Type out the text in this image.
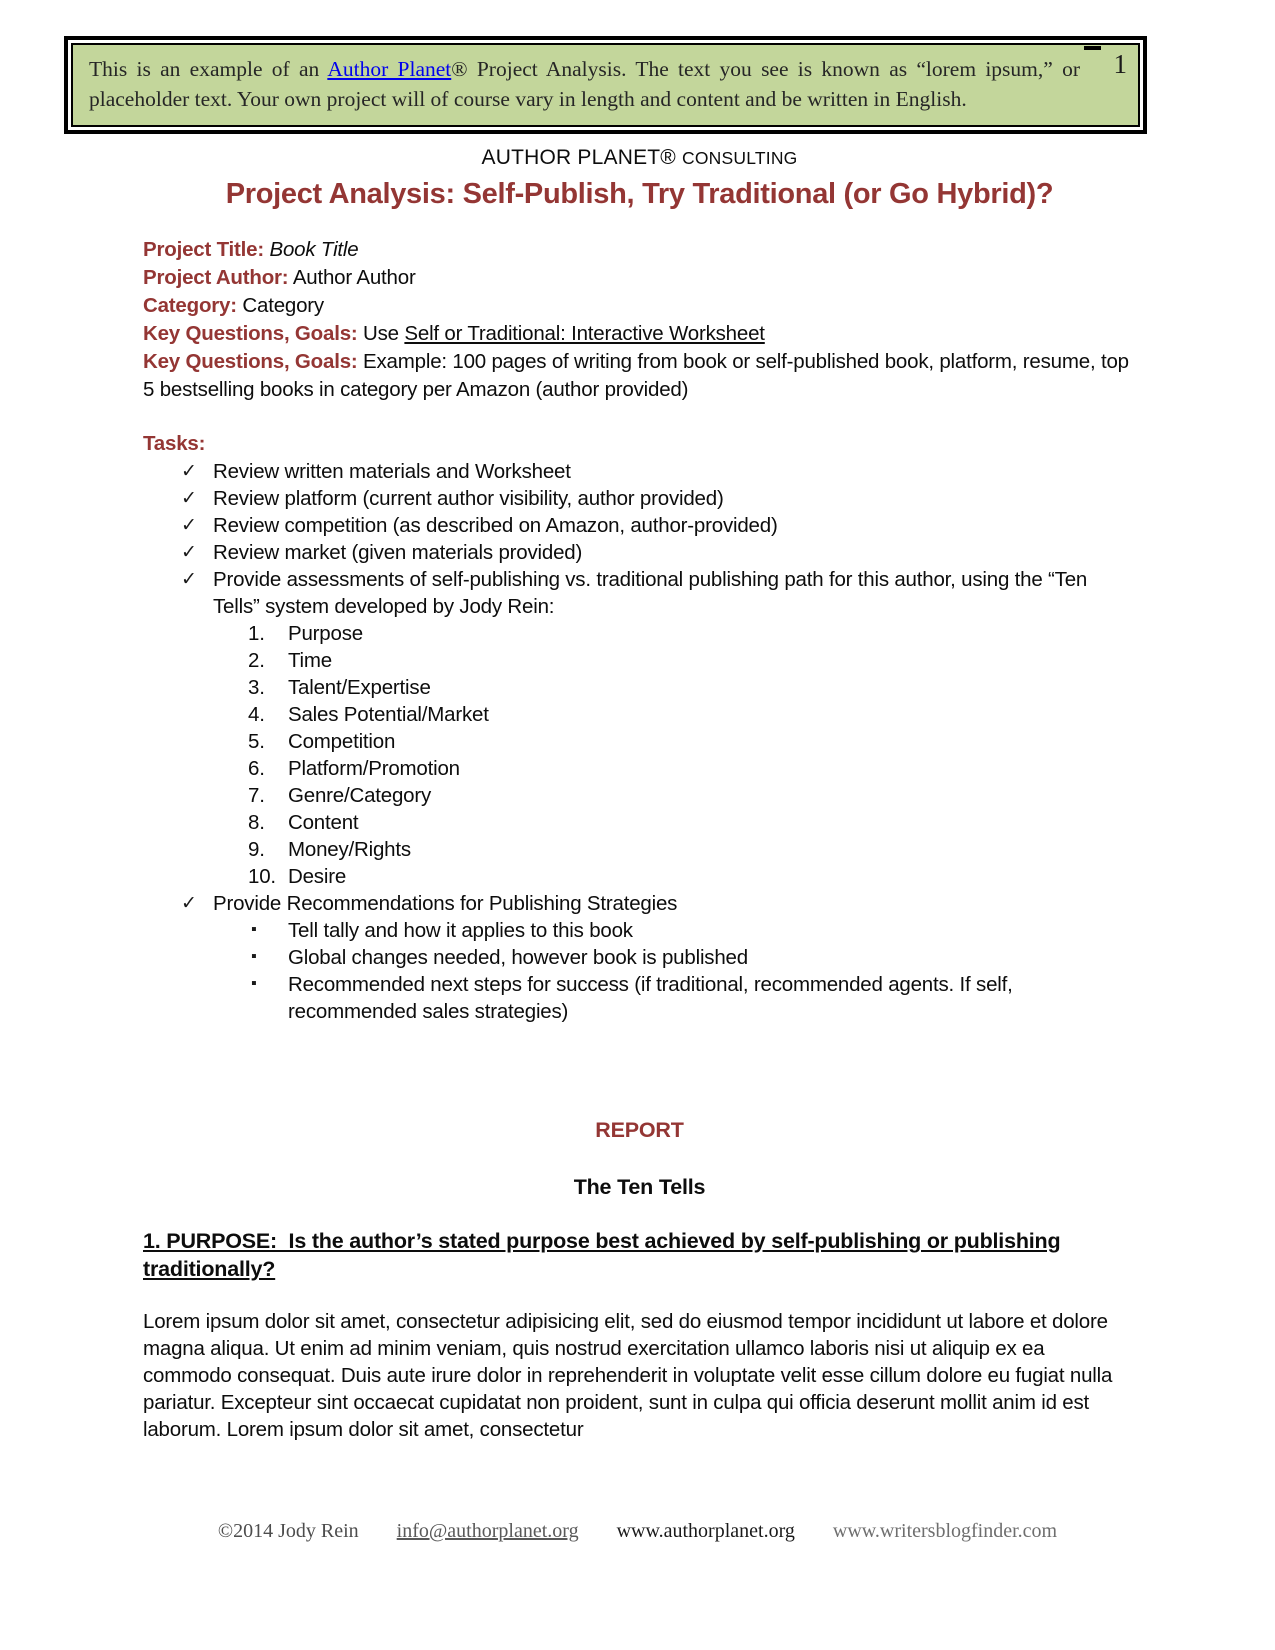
This is an example of an Author Planet® Project Analysis. The text you see is known as “lorem ipsum,” or placeholder text. Your own project will of course vary in length and content and be written in English.

1
AUTHOR PLANET® CONSULTING
Project Analysis: Self-Publish, Try Traditional (or Go Hybrid)?

Project Title: Book Title

Project Author: Author Author

Category: Category

Key Questions, Goals: Use Self or Traditional: Interactive Worksheet

Key Questions, Goals: Example: 100 pages of writing from book or self-published book, platform, resume, top 5 bestselling books in category per Amazon (author provided)

Tasks:

✓ Review written materials and Worksheet
✓ Review platform (current author visibility, author provided)
✓ Review competition (as described on Amazon, author-provided)
✓ Review market (given materials provided)
✓ Provide assessments of self-publishing vs. traditional publishing path for this author, using the “Ten Tells” system developed by Jody Rein:
Purpose
Time
Talent/Expertise
Sales Potential/Market
Competition
Platform/Promotion
Genre/Category
Content
Money/Rights
Desire
✓ Provide Recommendations for Publishing Strategies
▪ Tell tally and how it applies to this book
▪ Global changes needed, however book is published
▪ Recommended next steps for success (if traditional, recommended agents. If self, recommended sales strategies)
REPORT
The Ten Tells
1. PURPOSE:  Is the author’s stated purpose best achieved by self-publishing or publishing traditionally?

Lorem ipsum dolor sit amet, consectetur adipisicing elit, sed do eiusmod tempor incididunt ut labore et dolore magna aliqua. Ut enim ad minim veniam, quis nostrud exercitation ullamco laboris nisi ut aliquip ex ea commodo consequat. Duis aute irure dolor in reprehenderit in voluptate velit esse cillum dolore eu fugiat nulla pariatur. Excepteur sint occaecat cupidatat non proident, sunt in culpa qui officia deserunt mollit anim id est laborum. Lorem ipsum dolor sit amet, consectetur

©2014 Jody Rein info@authorplanet.org www.authorplanet.org www.writersblogfinder.com
